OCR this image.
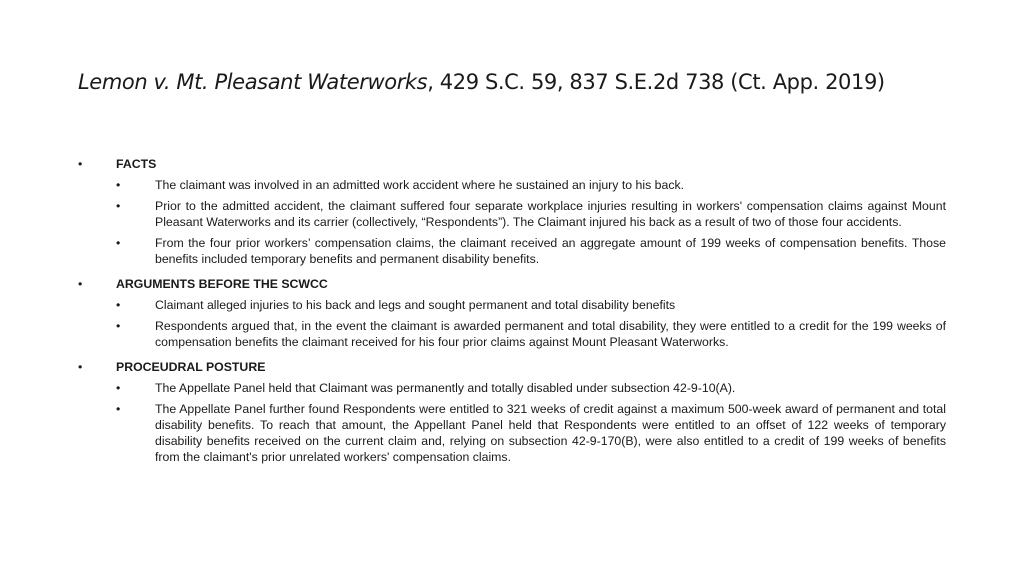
Lemon v. Mt. Pleasant Waterworks, 429 S.C. 59, 837 S.E.2d 738 (Ct. App. 2019)
•	FACTS
•	The claimant was involved in an admitted work accident where he sustained an injury to his back.
•	Prior to the admitted accident, the claimant suffered four separate workplace injuries resulting in workers' compensation claims against Mount Pleasant Waterworks and its carrier (collectively, “Respondents”). The Claimant injured his back as a result of two of those four accidents.
•	From the four prior workers’ compensation claims, the claimant received an aggregate amount of 199 weeks of compensation benefits. Those benefits included temporary benefits and permanent disability benefits.
•	ARGUMENTS BEFORE THE SCWCC
•	Claimant alleged injuries to his back and legs and sought permanent and total disability benefits
•	Respondents argued that, in the event the claimant is awarded permanent and total disability, they were entitled to a credit for the 199 weeks of compensation benefits the claimant received for his four prior claims against Mount Pleasant Waterworks.
•	PROCEUDRAL POSTURE
•	The Appellate Panel held that Claimant was permanently and totally disabled under subsection 42-9-10(A).
•	The Appellate Panel further found Respondents were entitled to 321 weeks of credit against a maximum 500-week award of permanent and total disability benefits. To reach that amount, the Appellant Panel held that Respondents were entitled to an offset of 122 weeks of temporary disability benefits received on the current claim and, relying on subsection 42-9-170(B), were also entitled to a credit of 199 weeks of benefits from the claimant's prior unrelated workers' compensation claims.
